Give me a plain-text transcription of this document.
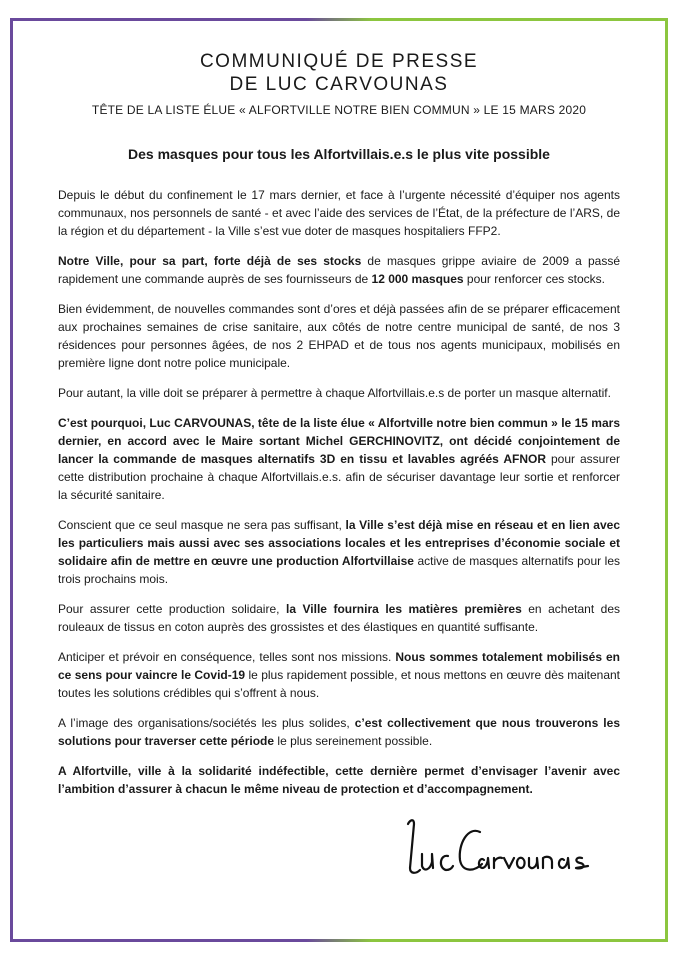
COMMUNIQUÉ DE PRESSE
DE LUC CARVOUNAS
TÊTE DE LA LISTE ÉLUE « ALFORTVILLE NOTRE BIEN COMMUN » LE 15 MARS 2020
Des masques pour tous les Alfortvillais.e.s le plus vite possible

Depuis le début du confinement le 17 mars dernier, et face à l’urgente nécessité d’équiper nos agents communaux, nos personnels de santé - et avec l’aide des services de l’État, de la préfecture de l’ARS, de la région et du département - la Ville s’est vue doter de masques hospitaliers FFP2.

Notre Ville, pour sa part, forte déjà de ses stocks de masques grippe aviaire de 2009 a passé rapidement une commande auprès de ses fournisseurs de 12 000 masques pour renforcer ces stocks.

Bien évidemment, de nouvelles commandes sont d’ores et déjà passées afin de se préparer efficacement aux prochaines semaines de crise sanitaire, aux côtés de notre centre municipal de santé, de nos 3 résidences pour personnes âgées, de nos 2 EHPAD et de tous nos agents municipaux, mobilisés en première ligne dont notre police municipale.

Pour autant, la ville doit se préparer à permettre à chaque Alfortvillais.e.s de porter un masque alternatif.

C’est pourquoi, Luc CARVOUNAS, tête de la liste élue « Alfortville notre bien commun » le 15 mars dernier, en accord avec le Maire sortant Michel GERCHINOVITZ, ont décidé conjointement de lancer la commande de masques alternatifs 3D en tissu et lavables agréés AFNOR pour assurer cette distribution prochaine à chaque Alfortvillais.e.s. afin de sécuriser davantage leur sortie et renforcer la sécurité sanitaire.

Conscient que ce seul masque ne sera pas suffisant, la Ville s’est déjà mise en réseau et en lien avec les particuliers mais aussi avec ses associations locales et les entreprises d’économie sociale et solidaire afin de mettre en œuvre une production Alfortvillaise active de masques alternatifs pour les trois prochains mois.

Pour assurer cette production solidaire, la Ville fournira les matières premières en achetant des rouleaux de tissus en coton auprès des grossistes et des élastiques en quantité suffisante.

Anticiper et prévoir en conséquence, telles sont nos missions. Nous sommes totalement mobilisés en ce sens pour vaincre le Covid-19 le plus rapidement possible, et nous mettons en œuvre dès maitenant toutes les solutions crédibles qui s’offrent à nous.

A l’image des organisations/sociétés les plus solides, c’est collectivement que nous trouverons les solutions pour traverser cette période le plus sereinement possible.

A Alfortville, ville à la solidarité indéfectible, cette dernière permet d’envisager l’avenir avec l’ambition d’assurer à chacun le même niveau de protection et d’accompagnement.
